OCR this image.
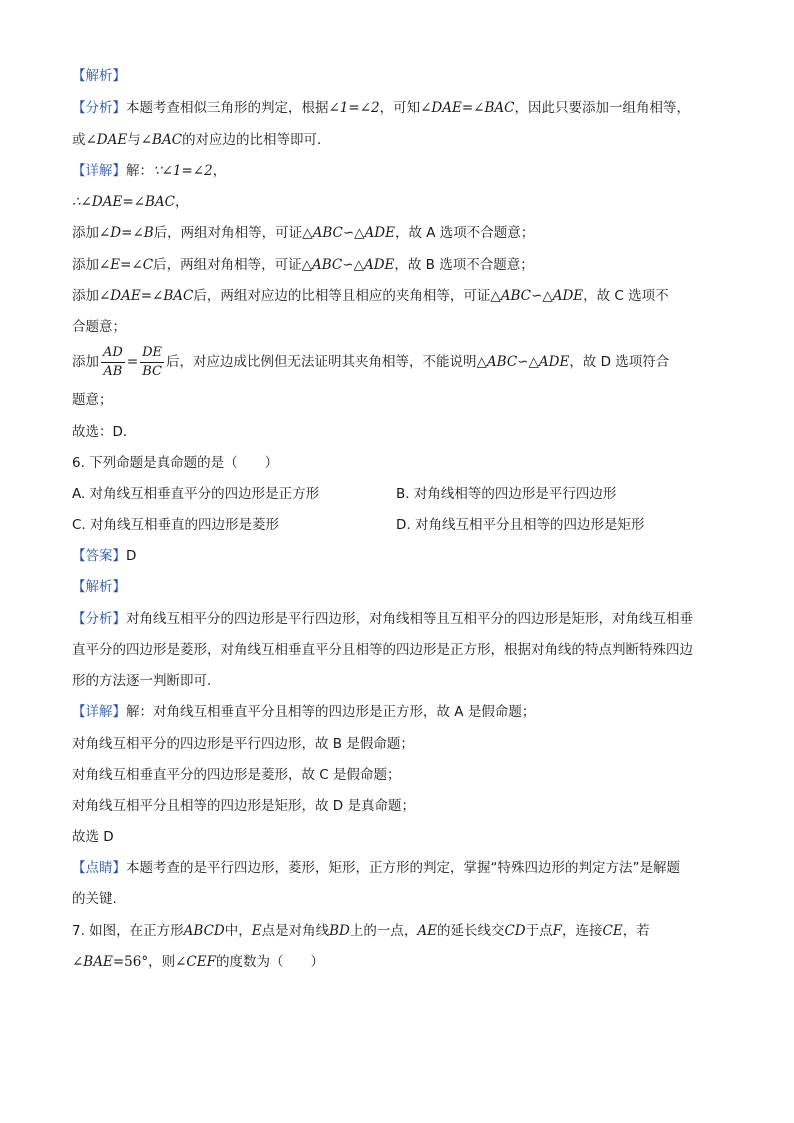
【解析】
【分析】本题考查相似三角形的判定，根据∠1=∠2，可知∠DAE=∠BAC，因此只要添加一组角相等，
或∠DAE与∠BAC的对应边的比相等即可．
【详解】解：∵∠1=∠2，
∴∠DAE=∠BAC，
添加∠D=∠B后，两组对角相等，可证△ABC∽△ADE，故 A 选项不合题意；
添加∠E=∠C后，两组对角相等，可证△ABC∽△ADE，故 B 选项不合题意；
添加∠DAE=∠BAC后，两组对应边的比相等且相应的夹角相等，可证△ABC∽△ADE，故 C 选项不
合题意；
添加 $\frac{AD}{AB} = \frac{DE}{BC}$ 后，对应边成比例但无法证明其夹角相等，不能说明△ABC∽△ADE，故 D 选项符合
题意；
故选：D．
6. 下列命题是真命题的是（　　）
A. 对角线互相垂直平分的四边形是正方形	B. 对角线相等的四边形是平行四边形
C. 对角线互相垂直的四边形是菱形	D. 对角线互相平分且相等的四边形是矩形
【答案】D
【解析】
【分析】对角线互相平分的四边形是平行四边形，对角线相等且互相平分的四边形是矩形，对角线互相垂
直平分的四边形是菱形，对角线互相垂直平分且相等的四边形是正方形，根据对角线的特点判断特殊四边
形的方法逐一判断即可.
【详解】解：对角线互相垂直平分且相等的四边形是正方形，故 A 是假命题；
对角线互相平分的四边形是平行四边形，故 B 是假命题；
对角线互相垂直平分的四边形是菱形，故 C 是假命题；
对角线互相平分且相等的四边形是矩形，故 D 是真命题；
故选 D
【点睛】本题考查的是平行四边形，菱形，矩形，正方形的判定，掌握“特殊四边形的判定方法”是解题
的关键.
7. 如图，在正方形ABCD中，E点是对角线BD上的一点，AE的延长线交CD于点F，连接CE，若
∠BAE=56°，则∠CEF的度数为（　　）
